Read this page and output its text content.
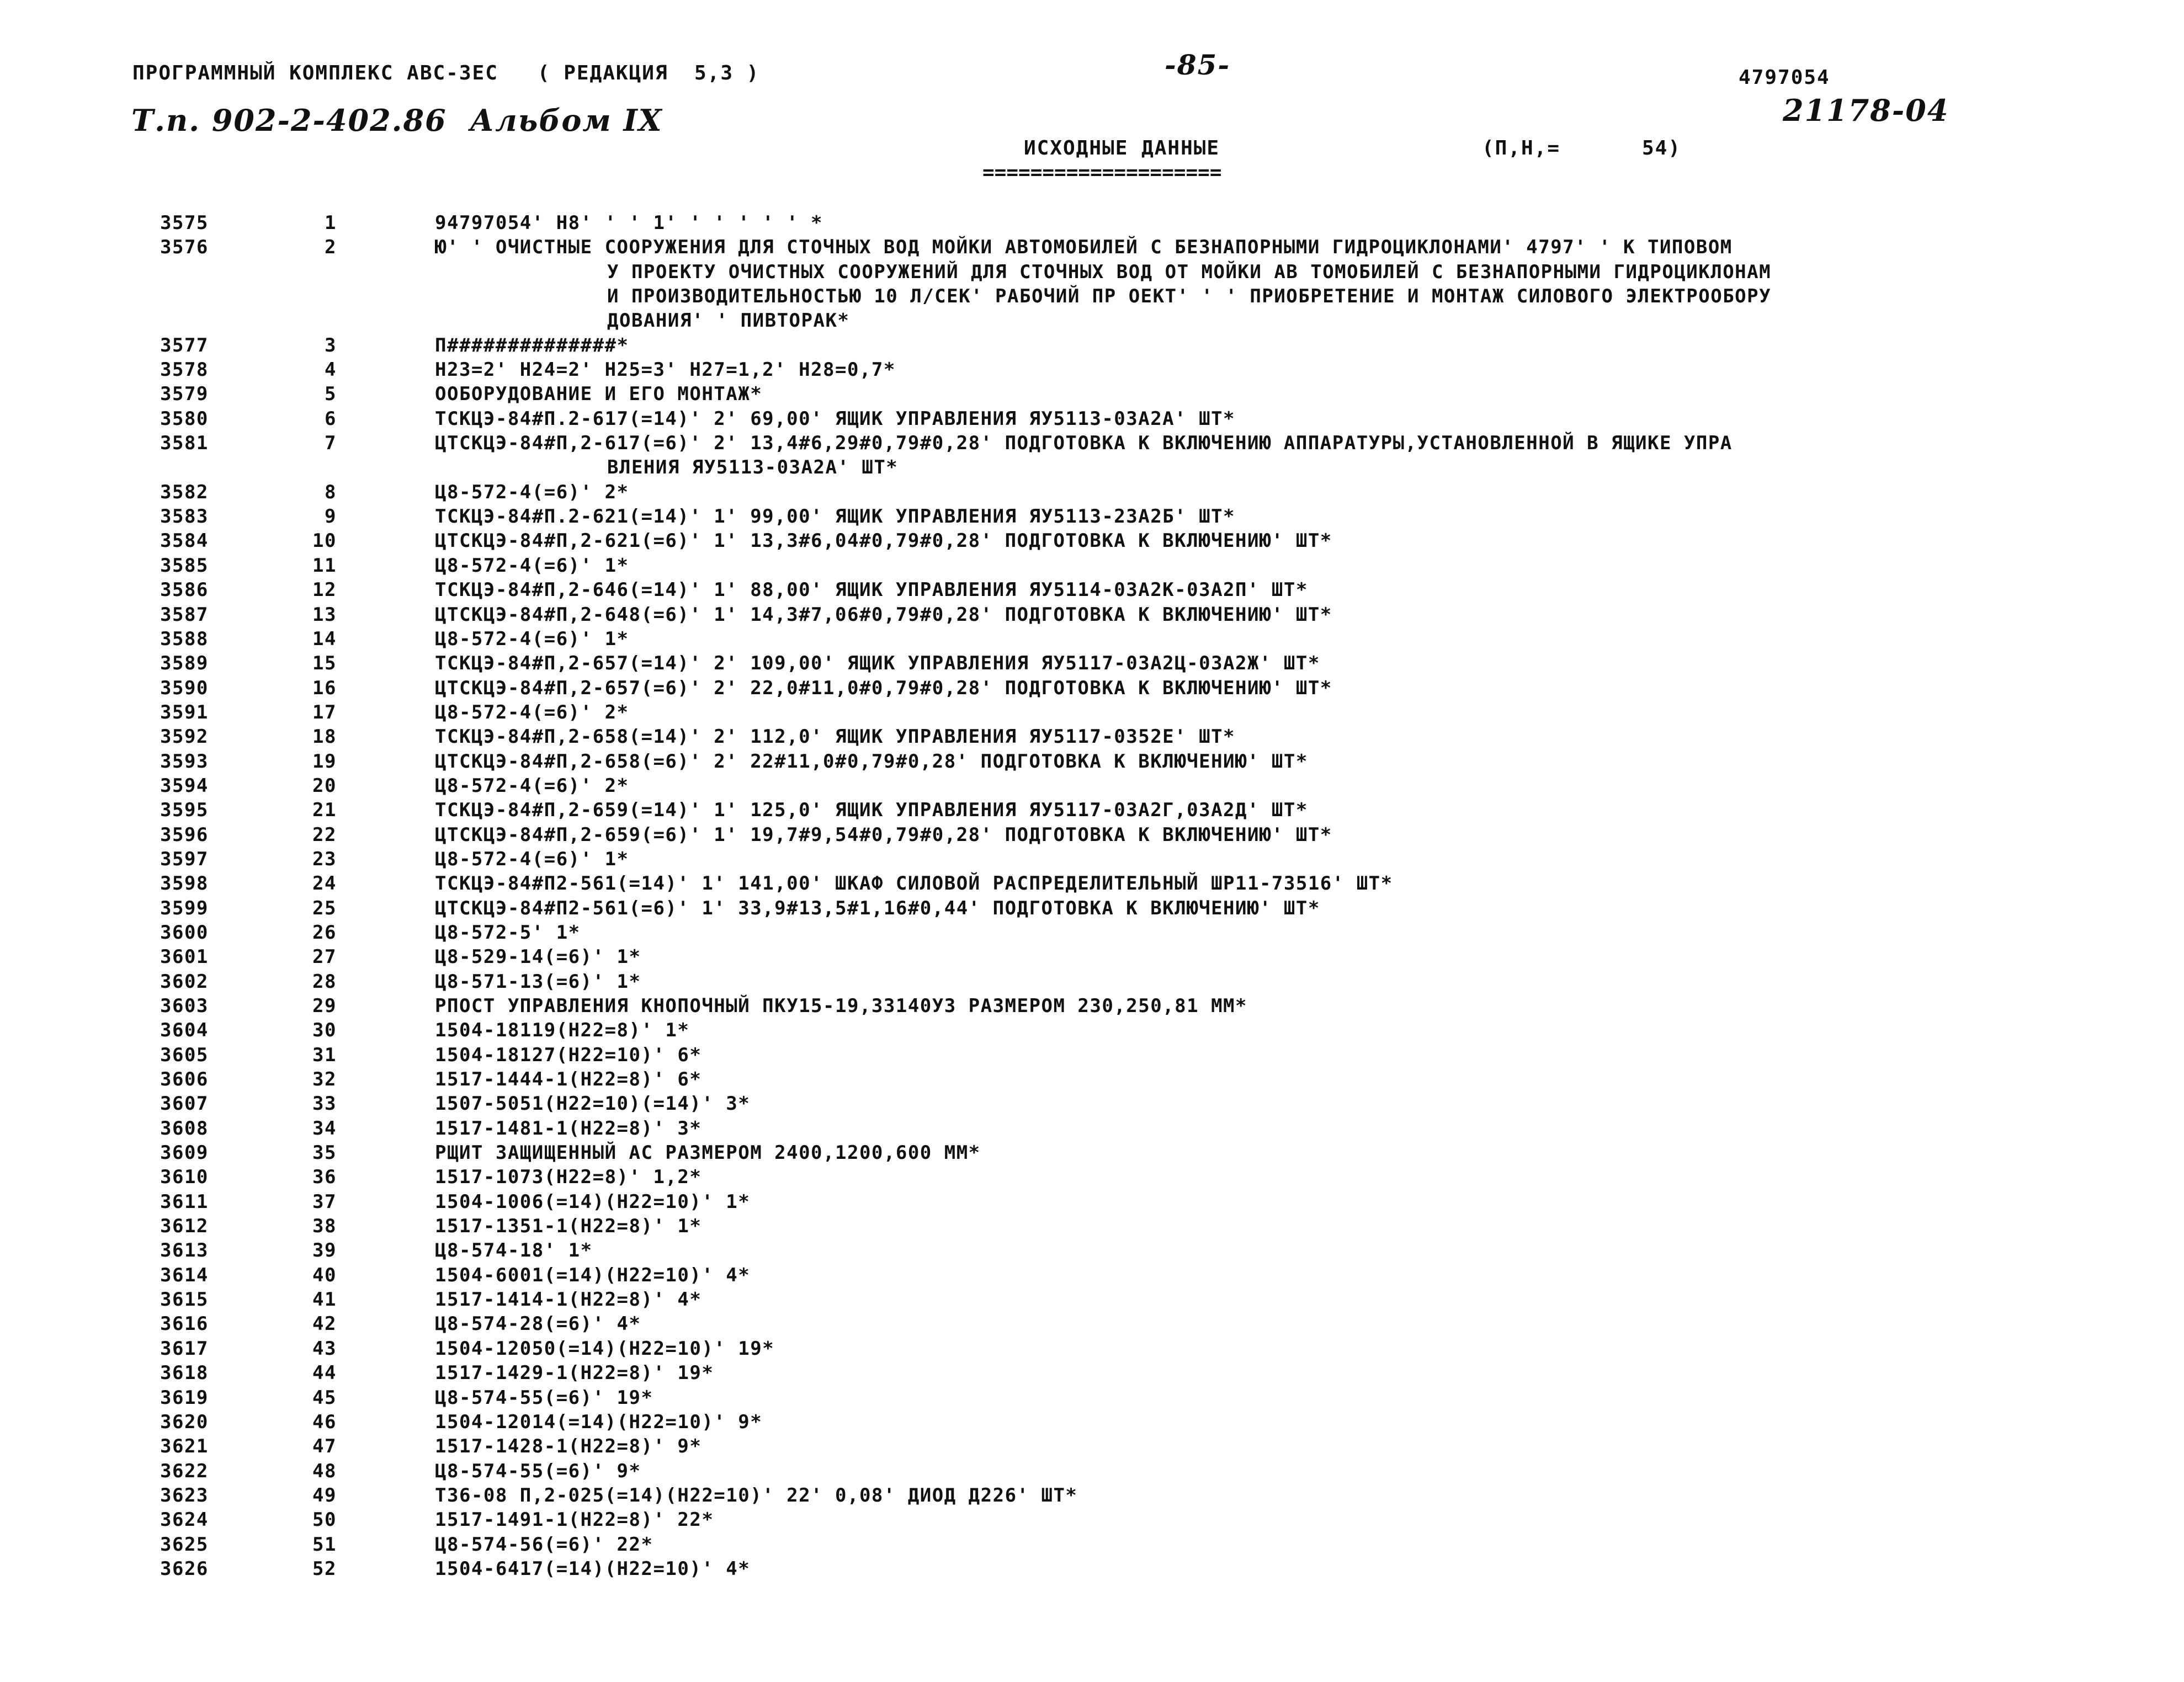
ПРОГРАММНЫЙ КОМПЛЕКС АВС-3ЕС   ( РЕДАКЦИЯ  5,3 )	-85-	4797054
Т.п. 902-2-402.86  Альбом IX	21178-04
ИСХОДНЫЕ ДАННЫЕ
====================
(П,Н,=	54)
3575	1	94797054' Н8' ' ' 1' ' ' ' ' ' *
3576	2	Ю' ' ОЧИСТНЫЕ СООРУЖЕНИЯ ДЛЯ СТОЧНЫХ ВОД МОЙКИ АВТОМОБИЛЕЙ С БЕЗНАПОРНЫМИ ГИДРОЦИКЛОНАМИ' 4797' ' К ТИПОВОМ
У ПРОЕКТУ ОЧИСТНЫХ СООРУЖЕНИЙ ДЛЯ СТОЧНЫХ ВОД ОТ МОЙКИ АВ ТОМОБИЛЕЙ С БЕЗНАПОРНЫМИ ГИДРОЦИКЛОНАМ
И ПРОИЗВОДИТЕЛЬНОСТЬЮ 10 Л/СЕК' РАБОЧИЙ ПР ОЕКТ' ' ' ПРИОБРЕТЕНИЕ И МОНТАЖ СИЛОВОГО ЭЛЕКТРООБОРУ
ДОВАНИЯ' ' ПИВТОРАК*
3577	3	П##############*
3578	4	Н23=2' Н24=2' Н25=3' Н27=1,2' Н28=0,7*
3579	5	ООБОРУДОВАНИЕ И ЕГО МОНТАЖ*
3580	6	ТСКЦЭ-84#П.2-617(=14)' 2' 69,00' ЯЩИК УПРАВЛЕНИЯ ЯУ5113-03А2А' ШТ*
3581	7	ЦТСКЦЭ-84#П,2-617(=6)' 2' 13,4#6,29#0,79#0,28' ПОДГОТОВКА К ВКЛЮЧЕНИЮ АППАРАТУРЫ,УСТАНОВЛЕННОЙ В ЯЩИКЕ УПРА
ВЛЕНИЯ ЯУ5113-03А2А' ШТ*
3582	8	Ц8-572-4(=6)' 2*
3583	9	ТСКЦЭ-84#П.2-621(=14)' 1' 99,00' ЯЩИК УПРАВЛЕНИЯ ЯУ5113-23А2Б' ШТ*
3584	10	ЦТСКЦЭ-84#П,2-621(=6)' 1' 13,3#6,04#0,79#0,28' ПОДГОТОВКА К ВКЛЮЧЕНИЮ' ШТ*
3585	11	Ц8-572-4(=6)' 1*
3586	12	ТСКЦЭ-84#П,2-646(=14)' 1' 88,00' ЯЩИК УПРАВЛЕНИЯ ЯУ5114-03А2К-03А2П' ШТ*
3587	13	ЦТСКЦЭ-84#П,2-648(=6)' 1' 14,3#7,06#0,79#0,28' ПОДГОТОВКА К ВКЛЮЧЕНИЮ' ШТ*
3588	14	Ц8-572-4(=6)' 1*
3589	15	ТСКЦЭ-84#П,2-657(=14)' 2' 109,00' ЯЩИК УПРАВЛЕНИЯ ЯУ5117-03А2Ц-03А2Ж' ШТ*
3590	16	ЦТСКЦЭ-84#П,2-657(=6)' 2' 22,0#11,0#0,79#0,28' ПОДГОТОВКА К ВКЛЮЧЕНИЮ' ШТ*
3591	17	Ц8-572-4(=6)' 2*
3592	18	ТСКЦЭ-84#П,2-658(=14)' 2' 112,0' ЯЩИК УПРАВЛЕНИЯ ЯУ5117-0352Е' ШТ*
3593	19	ЦТСКЦЭ-84#П,2-658(=6)' 2' 22#11,0#0,79#0,28' ПОДГОТОВКА К ВКЛЮЧЕНИЮ' ШТ*
3594	20	Ц8-572-4(=6)' 2*
3595	21	ТСКЦЭ-84#П,2-659(=14)' 1' 125,0' ЯЩИК УПРАВЛЕНИЯ ЯУ5117-03А2Г,03А2Д' ШТ*
3596	22	ЦТСКЦЭ-84#П,2-659(=6)' 1' 19,7#9,54#0,79#0,28' ПОДГОТОВКА К ВКЛЮЧЕНИЮ' ШТ*
3597	23	Ц8-572-4(=6)' 1*
3598	24	ТСКЦЭ-84#П2-561(=14)' 1' 141,00' ШКАФ СИЛОВОЙ РАСПРЕДЕЛИТЕЛЬНЫЙ ШР11-73516' ШТ*
3599	25	ЦТСКЦЭ-84#П2-561(=6)' 1' 33,9#13,5#1,16#0,44' ПОДГОТОВКА К ВКЛЮЧЕНИЮ' ШТ*
3600	26	Ц8-572-5' 1*
3601	27	Ц8-529-14(=6)' 1*
3602	28	Ц8-571-13(=6)' 1*
3603	29	РПОСТ УПРАВЛЕНИЯ КНОПОЧНЫЙ ПКУ15-19,33140У3 РАЗМЕРОМ 230,250,81 ММ*
3604	30	1504-18119(Н22=8)' 1*
3605	31	1504-18127(Н22=10)' 6*
3606	32	1517-1444-1(Н22=8)' 6*
3607	33	1507-5051(Н22=10)(=14)' 3*
3608	34	1517-1481-1(Н22=8)' 3*
3609	35	РЩИТ ЗАЩИЩЕННЫЙ АС РАЗМЕРОМ 2400,1200,600 ММ*
3610	36	1517-1073(Н22=8)' 1,2*
3611	37	1504-1006(=14)(Н22=10)' 1*
3612	38	1517-1351-1(Н22=8)' 1*
3613	39	Ц8-574-18' 1*
3614	40	1504-6001(=14)(Н22=10)' 4*
3615	41	1517-1414-1(Н22=8)' 4*
3616	42	Ц8-574-28(=6)' 4*
3617	43	1504-12050(=14)(Н22=10)' 19*
3618	44	1517-1429-1(Н22=8)' 19*
3619	45	Ц8-574-55(=6)' 19*
3620	46	1504-12014(=14)(Н22=10)' 9*
3621	47	1517-1428-1(Н22=8)' 9*
3622	48	Ц8-574-55(=6)' 9*
3623	49	Т36-08 П,2-025(=14)(Н22=10)' 22' 0,08' ДИОД Д226' ШТ*
3624	50	1517-1491-1(Н22=8)' 22*
3625	51	Ц8-574-56(=6)' 22*
3626	52	1504-6417(=14)(Н22=10)' 4*
